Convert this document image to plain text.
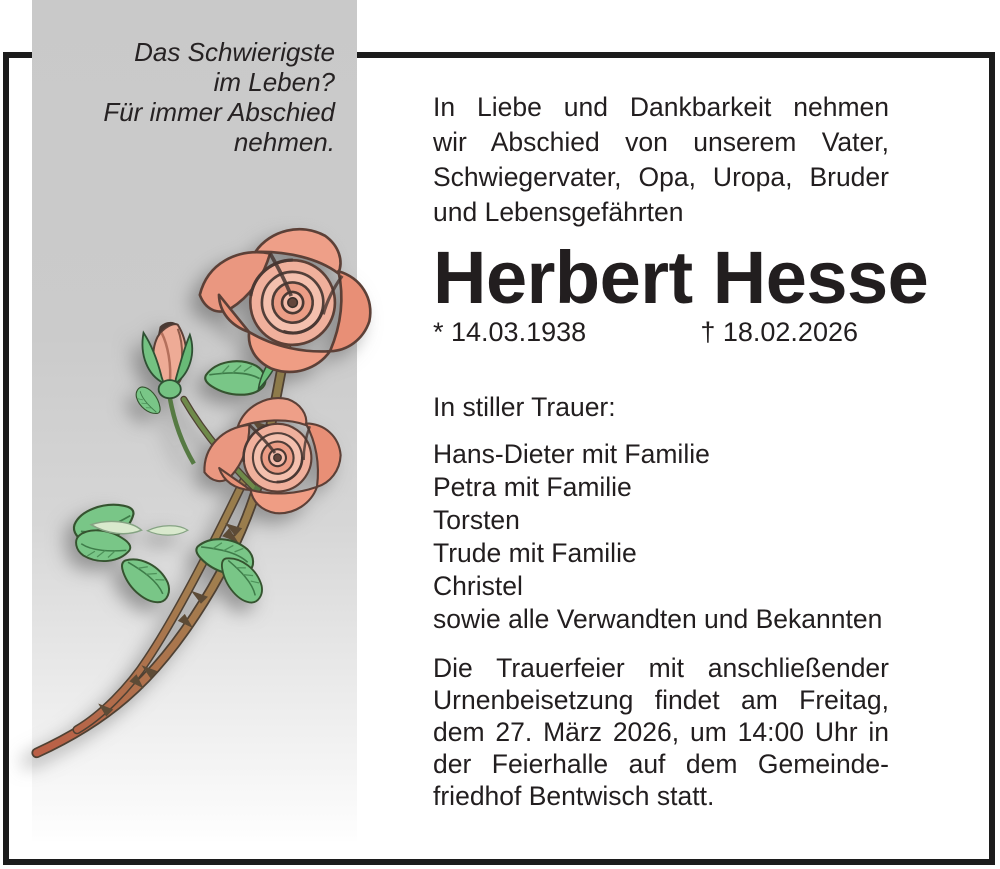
Das Schwierigste
im Leben?
Für immer Abschied
nehmen.
In Liebe und Dankbarkeit nehmen
wir Abschied von unserem Vater,
Schwiegervater, Opa, Uropa, Bruder
und Lebensgefährten
Herbert Hesse
* 14.03.1938	† 18.02.2026
In stiller Trauer:
Hans-Dieter mit Familie
Petra mit Familie
Torsten
Trude mit Familie
Christel
sowie alle Verwandten und Bekannten
Die Trauerfeier mit anschließender
Urnenbeisetzung findet am Freitag,
dem 27. März 2026, um 14:00 Uhr in
der Feierhalle auf dem Gemeinde-
friedhof Bentwisch statt.
